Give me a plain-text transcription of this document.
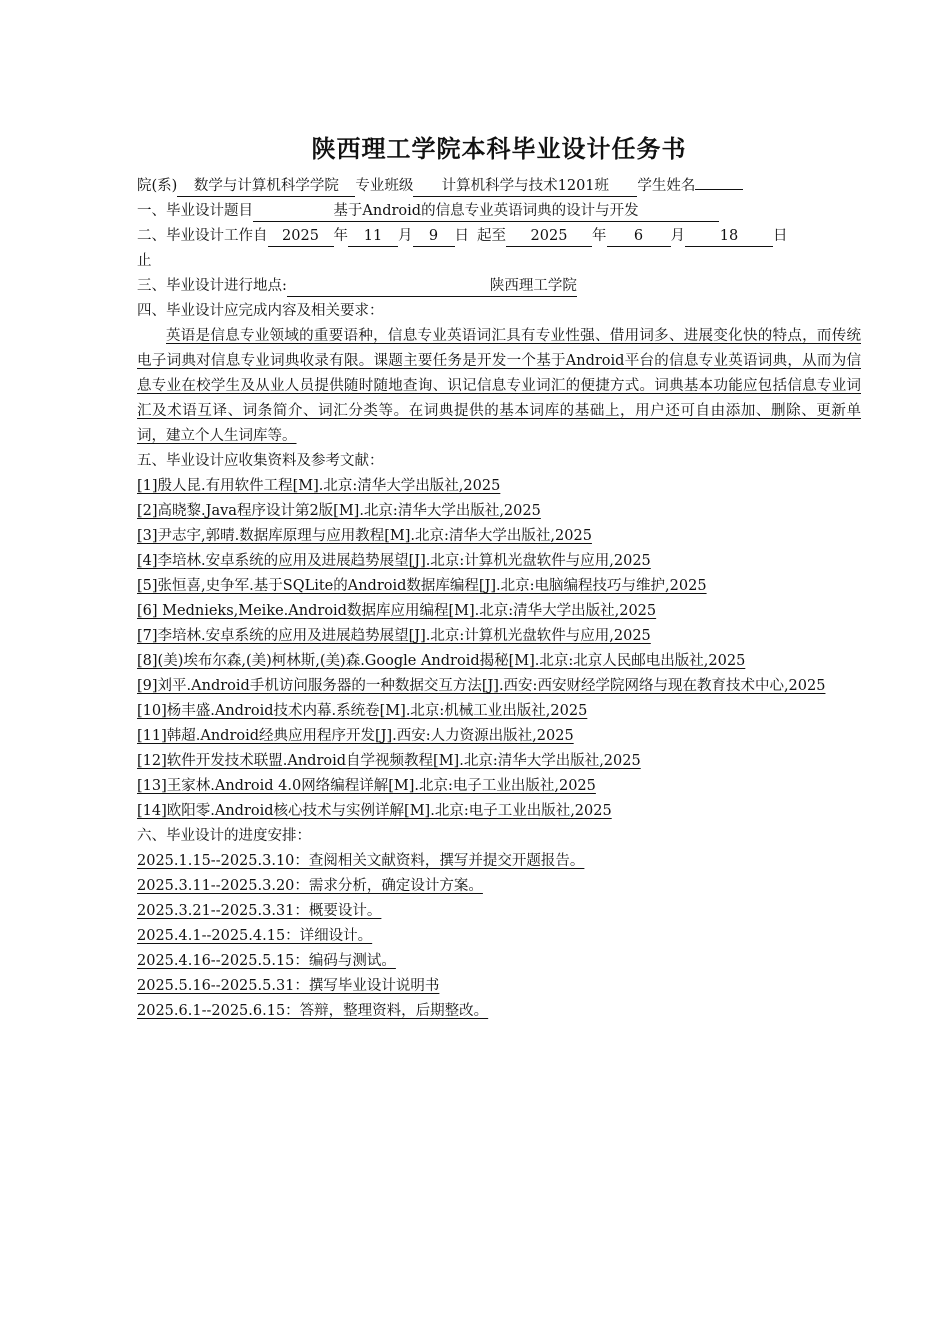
陕西理工学院本科毕业设计任务书
院(系) 数学与计算机科学学院 专业班级 计算机科学与技术1201班 学生姓名
一、毕业设计题目	基于Android的信息专业英语词典的设计与开发
二、毕业设计工作自 2025 年 11 月 9 日 起至 2025 年 6 月 18 日
止
三、毕业设计进行地点:	陕西理工学院
四、毕业设计应完成内容及相关要求：
英语是信息专业领域的重要语种，信息专业英语词汇具有专业性强、借用词多、进展变化快的特点，而传统电子词典对信息专业词典收录有限。课题主要任务是开发一个基于Android平台的信息专业英语词典，从而为信息专业在校学生及从业人员提供随时随地查询、识记信息专业词汇的便捷方式。词典基本功能应包括信息专业词汇及术语互译、词条简介、词汇分类等。在词典提供的基本词库的基础上，用户还可自由添加、删除、更新单词，建立个人生词库等。
五、毕业设计应收集资料及参考文献：
[1]殷人昆.有用软件工程[M].北京:清华大学出版社,2025
[2]高晓黎.Java程序设计第2版[M].北京:清华大学出版社,2025
[3]尹志宇,郭晴.数据库原理与应用教程[M].北京:清华大学出版社,2025
[4]李培林.安卓系统的应用及进展趋势展望[J].北京:计算机光盘软件与应用,2025
[5]张恒喜,史争军.基于SQLite的Android数据库编程[J].北京:电脑编程技巧与维护,2025
[6] Mednieks,Meike.Android数据库应用编程[M].北京:清华大学出版社,2025
[7]李培林.安卓系统的应用及进展趋势展望[J].北京:计算机光盘软件与应用,2025
[8](美)埃布尔森,(美)柯林斯,(美)森.Google Android揭秘[M].北京:北京人民邮电出版社,2025
[9]刘平.Android手机访问服务器的一种数据交互方法[J].西安:西安财经学院网络与现在教育技术中心,2025
[10]杨丰盛.Android技术内幕.系统卷[M].北京:机械工业出版社,2025
[11]韩超.Android经典应用程序开发[J].西安:人力资源出版社,2025
[12]软件开发技术联盟.Android自学视频教程[M].北京:清华大学出版社,2025
[13]王家林.Android 4.0网络编程详解[M].北京:电子工业出版社,2025
[14]欧阳零.Android核心技术与实例详解[M].北京:电子工业出版社,2025
六、毕业设计的进度安排：
2025.1.15--2025.3.10：查阅相关文献资料，撰写并提交开题报告。
2025.3.11--2025.3.20：需求分析，确定设计方案。
2025.3.21--2025.3.31：概要设计。
2025.4.1--2025.4.15：详细设计。
2025.4.16--2025.5.15：编码与测试。
2025.5.16--2025.5.31：撰写毕业设计说明书
2025.6.1--2025.6.15：答辩，整理资料，后期整改。
